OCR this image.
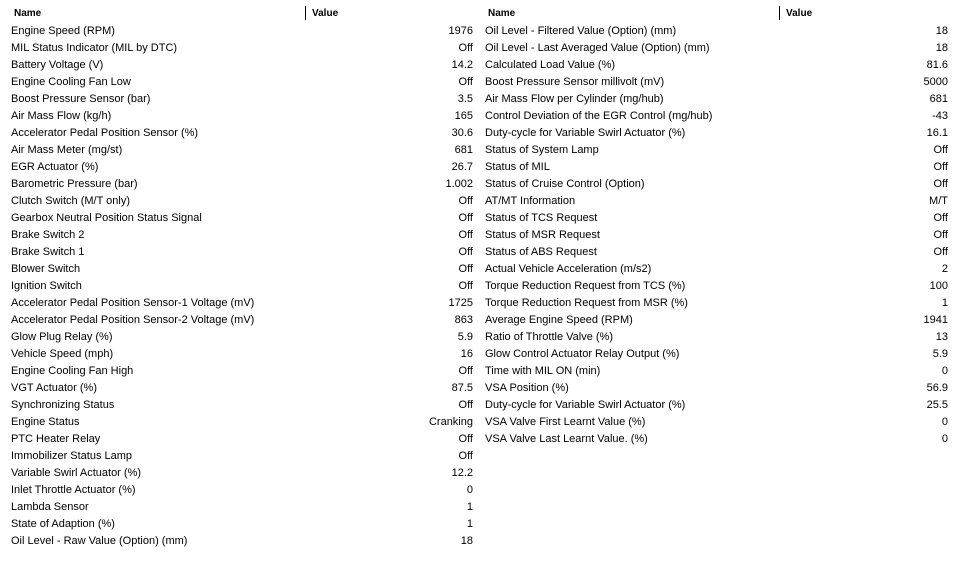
Name	Value
Engine Speed (RPM)	1976
MIL Status Indicator (MIL by DTC)	Off
Battery Voltage (V)	14.2
Engine Cooling Fan Low	Off
Boost Pressure Sensor (bar)	3.5
Air Mass Flow (kg/h)	165
Accelerator Pedal Position Sensor (%)	30.6
Air Mass Meter (mg/st)	681
EGR Actuator (%)	26.7
Barometric Pressure (bar)	1.002
Clutch Switch (M/T only)	Off
Gearbox Neutral Position Status Signal	Off
Brake Switch 2	Off
Brake Switch 1	Off
Blower Switch	Off
Ignition Switch	Off
Accelerator Pedal Position Sensor-1 Voltage (mV)	1725
Accelerator Pedal Position Sensor-2 Voltage (mV)	863
Glow Plug Relay (%)	5.9
Vehicle Speed (mph)	16
Engine Cooling Fan High	Off
VGT Actuator (%)	87.5
Synchronizing Status	Off
Engine Status	Cranking
PTC Heater Relay	Off
Immobilizer Status Lamp	Off
Variable Swirl Actuator (%)	12.2
Inlet Throttle Actuator (%)	0
Lambda Sensor	1
State of Adaption (%)	1
Oil Level - Raw Value (Option) (mm)	18
Name	Value
Oil Level - Filtered Value (Option) (mm)	18
Oil Level - Last Averaged Value (Option) (mm)	18
Calculated Load Value (%)	81.6
Boost Pressure Sensor millivolt (mV)	5000
Air Mass Flow per Cylinder (mg/hub)	681
Control Deviation of the EGR Control (mg/hub)	-43
Duty-cycle for Variable Swirl Actuator (%)	16.1
Status of System Lamp	Off
Status of MIL	Off
Status of Cruise Control (Option)	Off
AT/MT Information	M/T
Status of TCS Request	Off
Status of MSR Request	Off
Status of ABS Request	Off
Actual Vehicle Acceleration (m/s2)	2
Torque Reduction Request from TCS (%)	100
Torque Reduction Request from MSR (%)	1
Average Engine Speed (RPM)	1941
Ratio of Throttle Valve (%)	13
Glow Control Actuator Relay Output (%)	5.9
Time with MIL ON (min)	0
VSA Position (%)	56.9
Duty-cycle for Variable Swirl Actuator (%)	25.5
VSA Valve First Learnt Value (%)	0
VSA Valve Last Learnt Value. (%)	0
